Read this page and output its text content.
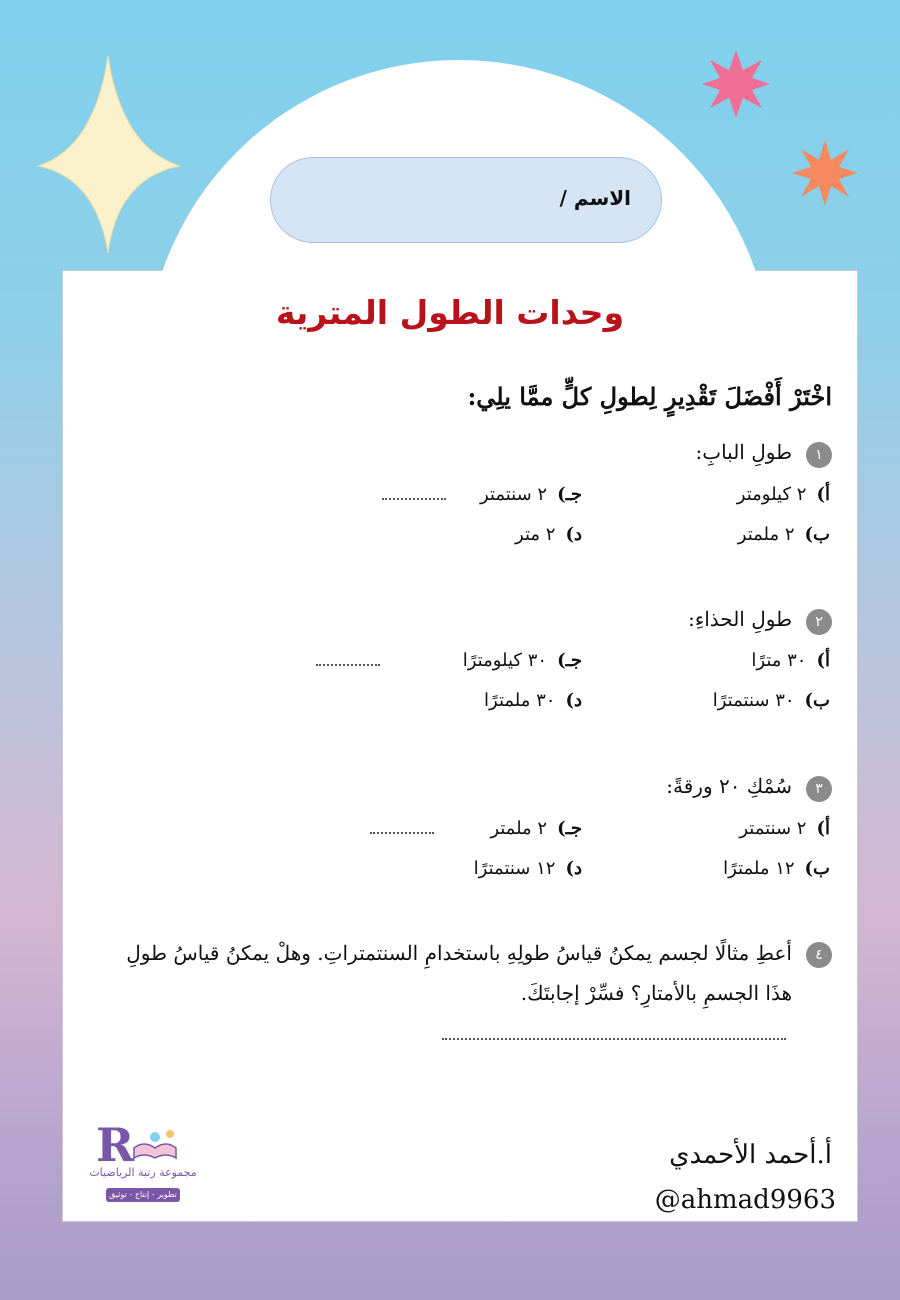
الاسم /
وحدات الطول المترية
اخْتَرْ أَفْضَلَ تَقْدِيرٍ لِطولِ كلٍّ ممَّا يلِي:
١
طولِ البابِ:
أ)٢ كيلومتر
ب)٢ ملمتر
جـ)٢ سنتمتر
د)٢ متر
٢
طولِ الحذاءِ:
أ)٣٠ مترًا
ب)٣٠ سنتمترًا
جـ)٣٠ كيلومترًا
د)٣٠ ملمترًا
٣
سُمْكِ ٢٠ ورقةً:
أ)٢ سنتمتر
ب)١٢ ملمترًا
جـ)٢ ملمتر
د)١٢ سنتمترًا
٤
أعطِ مثالًا لجسم يمكنُ قياسُ طولِهِ باستخدامِ السنتمتراتِ. وهلْ يمكنُ قياسُ طولِ هذَا الجسمِ بالأمتارِ؟ فسِّرْ إجابتَكَ.
R
مجموعة رتبة الرياضيات
تطوير - إنتاج - توثيق
أ.أحمد الأحمدي
@ahmad9963
